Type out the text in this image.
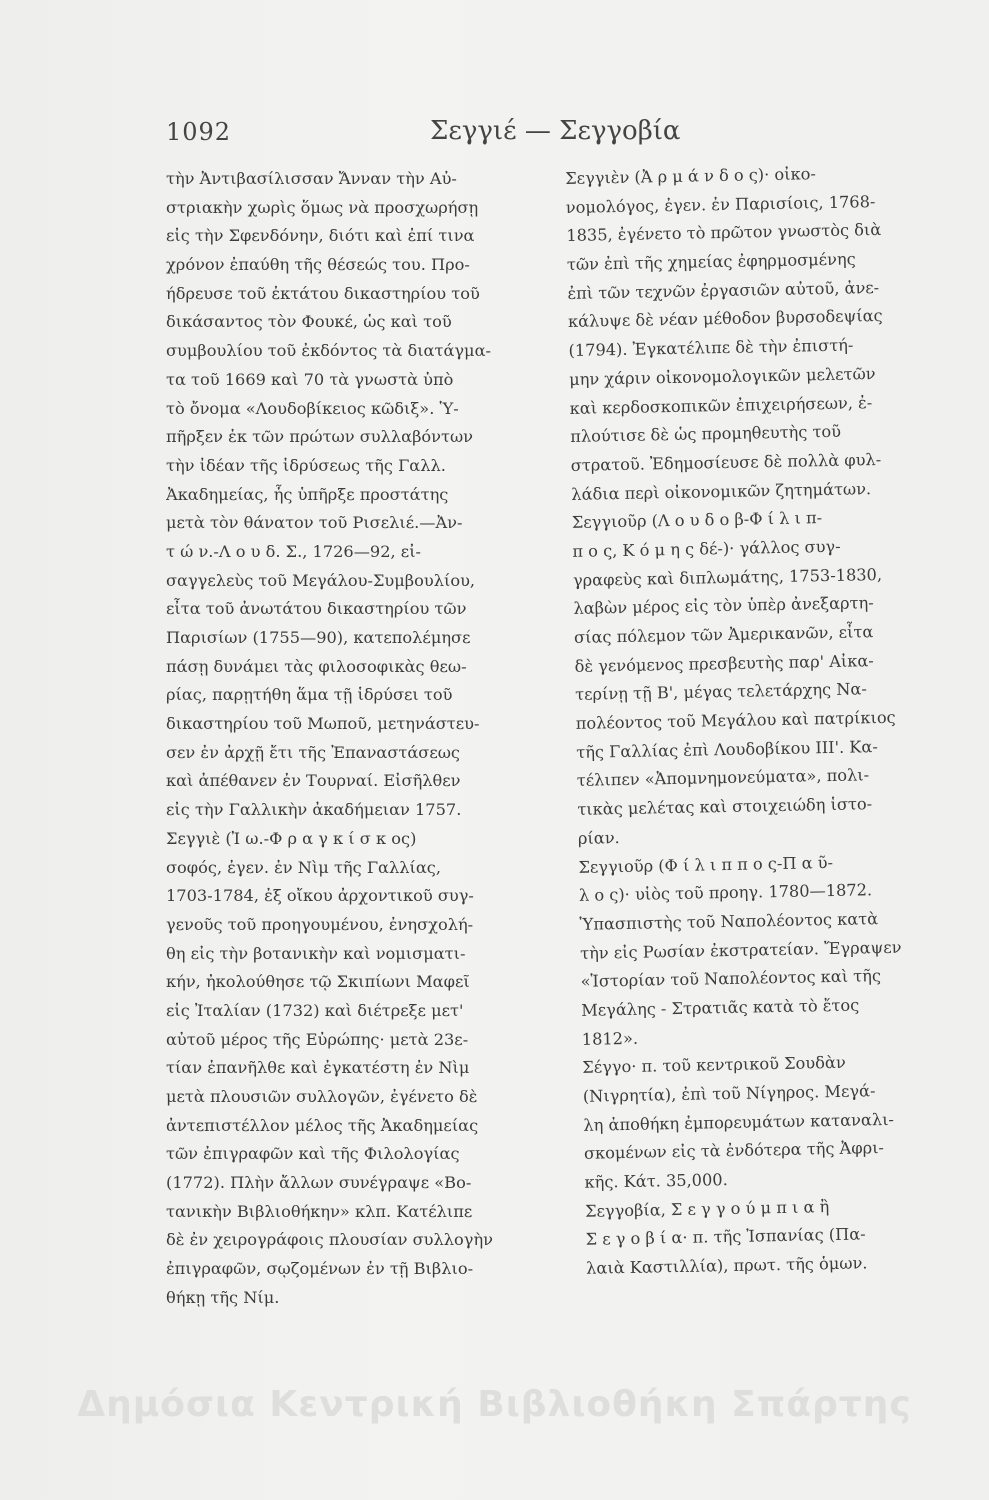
1092	Σεγγιέ — Σεγγοβία
τὴν Ἀντιβασίλισσαν Ἄνναν τὴν Αὐ-
στριακὴν χωρὶς ὅμως νὰ προσχωρήσῃ
εἰς τὴν Σφενδόνην, διότι καὶ ἐπί τινα
χρόνον ἐπαύθη τῆς θέσεώς του. Προ-
ήδρευσε τοῦ ἐκτάτου δικαστηρίου τοῦ
δικάσαντος τὸν Φουκέ, ὡς καὶ τοῦ
συμβουλίου τοῦ ἐκδόντος τὰ διατάγμα-
τα τοῦ 1669 καὶ 70 τὰ γνωστὰ ὑπὸ
τὸ ὄνομα «Λουδοβίκειος κῶδιξ». Ὑ-
πῆρξεν ἐκ τῶν πρώτων συλλαβόντων
τὴν ἰδέαν τῆς ἱδρύσεως τῆς Γαλλ.
Ἀκαδημείας, ἧς ὑπῆρξε προστάτης
μετὰ τὸν θάνατον τοῦ Ρισελιέ.—Ἀν-
τ ώ ν.-Λ ο υ δ. Σ., 1726—92, εἰ-
σαγγελεὺς τοῦ Μεγάλου-Συμβουλίου,
εἶτα τοῦ ἀνωτάτου δικαστηρίου τῶν
Παρισίων (1755—90), κατεπολέμησε
πάσῃ δυνάμει τὰς φιλοσοφικὰς θεω-
ρίας, παρῃτήθη ἅμα τῇ ἱδρύσει τοῦ
δικαστηρίου τοῦ Μωποῦ, μετηνάστευ-
σεν ἐν ἀρχῇ ἔτι τῆς Ἐπαναστάσεως
καὶ ἀπέθανεν ἐν Τουρναί. Εἰσῆλθεν
εἰς τὴν Γαλλικὴν ἀκαδήμειαν 1757.
Σεγγιὲ (Ἰ ω.-Φ ρ α γ κ ί σ κ ος)
σοφός, ἐγεν. ἐν Νὶμ τῆς Γαλλίας,
1703-1784, ἐξ οἴκου ἀρχοντικοῦ συγ-
γενοῦς τοῦ προηγουμένου, ἐνησχολή-
θη εἰς τὴν βοτανικὴν καὶ νομισματι-
κήν, ἠκολούθησε τῷ Σκιπίωνι Μαφεῖ
εἰς Ἰταλίαν (1732) καὶ διέτρεξε μετ'
αὐτοῦ μέρος τῆς Εὐρώπης· μετὰ 23ε-
τίαν ἐπανῆλθε καὶ ἐγκατέστη ἐν Νὶμ
μετὰ πλουσιῶν συλλογῶν, ἐγένετο δὲ
ἀντεπιστέλλον μέλος τῆς Ἀκαδημείας
τῶν ἐπιγραφῶν καὶ τῆς Φιλολογίας
(1772). Πλὴν ἄλλων συνέγραψε «Βο-
τανικὴν Βιβλιοθήκην» κλπ. Κατέλιπε
δὲ ἐν χειρογράφοις πλουσίαν συλλογὴν
ἐπιγραφῶν, σῳζομένων ἐν τῇ Βιβλιο-
θήκῃ τῆς Νίμ.
Σεγγιὲν (Ἀ ρ μ ά ν δ ο ς)· οἰκο-
νομολόγος, ἐγεν. ἐν Παρισίοις, 1768-
1835, ἐγένετο τὸ πρῶτον γνωστὸς διὰ
τῶν ἐπὶ τῆς χημείας ἐφηρμοσμένης
ἐπὶ τῶν τεχνῶν ἐργασιῶν αὐτοῦ, ἀνε-
κάλυψε δὲ νέαν μέθοδον βυρσοδεψίας
(1794). Ἐγκατέλιπε δὲ τὴν ἐπιστή-
μην χάριν οἰκονομολογικῶν μελετῶν
καὶ κερδοσκοπικῶν ἐπιχειρήσεων, ἐ-
πλούτισε δὲ ὡς προμηθευτὴς τοῦ
στρατοῦ. Ἐδημοσίευσε δὲ πολλὰ φυλ-
λάδια περὶ οἰκονομικῶν ζητημάτων.
Σεγγιοῦρ (Λ ο υ δ ο β-Φ ί λ ι π-
π ο ς, Κ ό μ η ς δέ-)· γάλλος συγ-
γραφεὺς καὶ διπλωμάτης, 1753-1830,
λαβὼν μέρος εἰς τὸν ὑπὲρ ἀνεξαρτη-
σίας πόλεμον τῶν Ἀμερικανῶν, εἶτα
δὲ γενόμενος πρεσβευτὴς παρ' Αἰκα-
τερίνῃ τῇ Β', μέγας τελετάρχης Να-
πολέοντος τοῦ Μεγάλου καὶ πατρίκιος
τῆς Γαλλίας ἐπὶ Λουδοβίκου ΙΙΙ'. Κα-
τέλιπεν «Ἀπομνημονεύματα», πολι-
τικὰς μελέτας καὶ στοιχειώδη ἱστο-
ρίαν.
Σεγγιοῦρ (Φ ί λ ι π π ο ς-Π α ῦ-
λ ο ς)· υἱὸς τοῦ προηγ. 1780—1872.
Ὑπασπιστὴς τοῦ Ναπολέοντος κατὰ
τὴν εἰς Ρωσίαν ἐκστρατείαν. Ἔγραψεν
«Ἱστορίαν τοῦ Ναπολέοντος καὶ τῆς
Μεγάλης - Στρατιᾶς κατὰ τὸ ἔτος
1812».
Σέγγο· π. τοῦ κεντρικοῦ Σουδὰν
(Νιγρητία), ἐπὶ τοῦ Νίγηρος. Μεγά-
λη ἀποθήκη ἐμπορευμάτων καταναλι-
σκομένων εἰς τὰ ἐνδότερα τῆς Ἀφρι-
κῆς. Κάτ. 35,000.
Σεγγοβία, Σ ε γ γ ο ύ μ π ι α ἢ
Σ ε γ ο β ί α· π. τῆς Ἰσπανίας (Πα-
λαιὰ Καστιλλία), πρωτ. τῆς ὁμων.
Δημόσια Κεντρική Βιβλιοθήκη Σπάρτης
